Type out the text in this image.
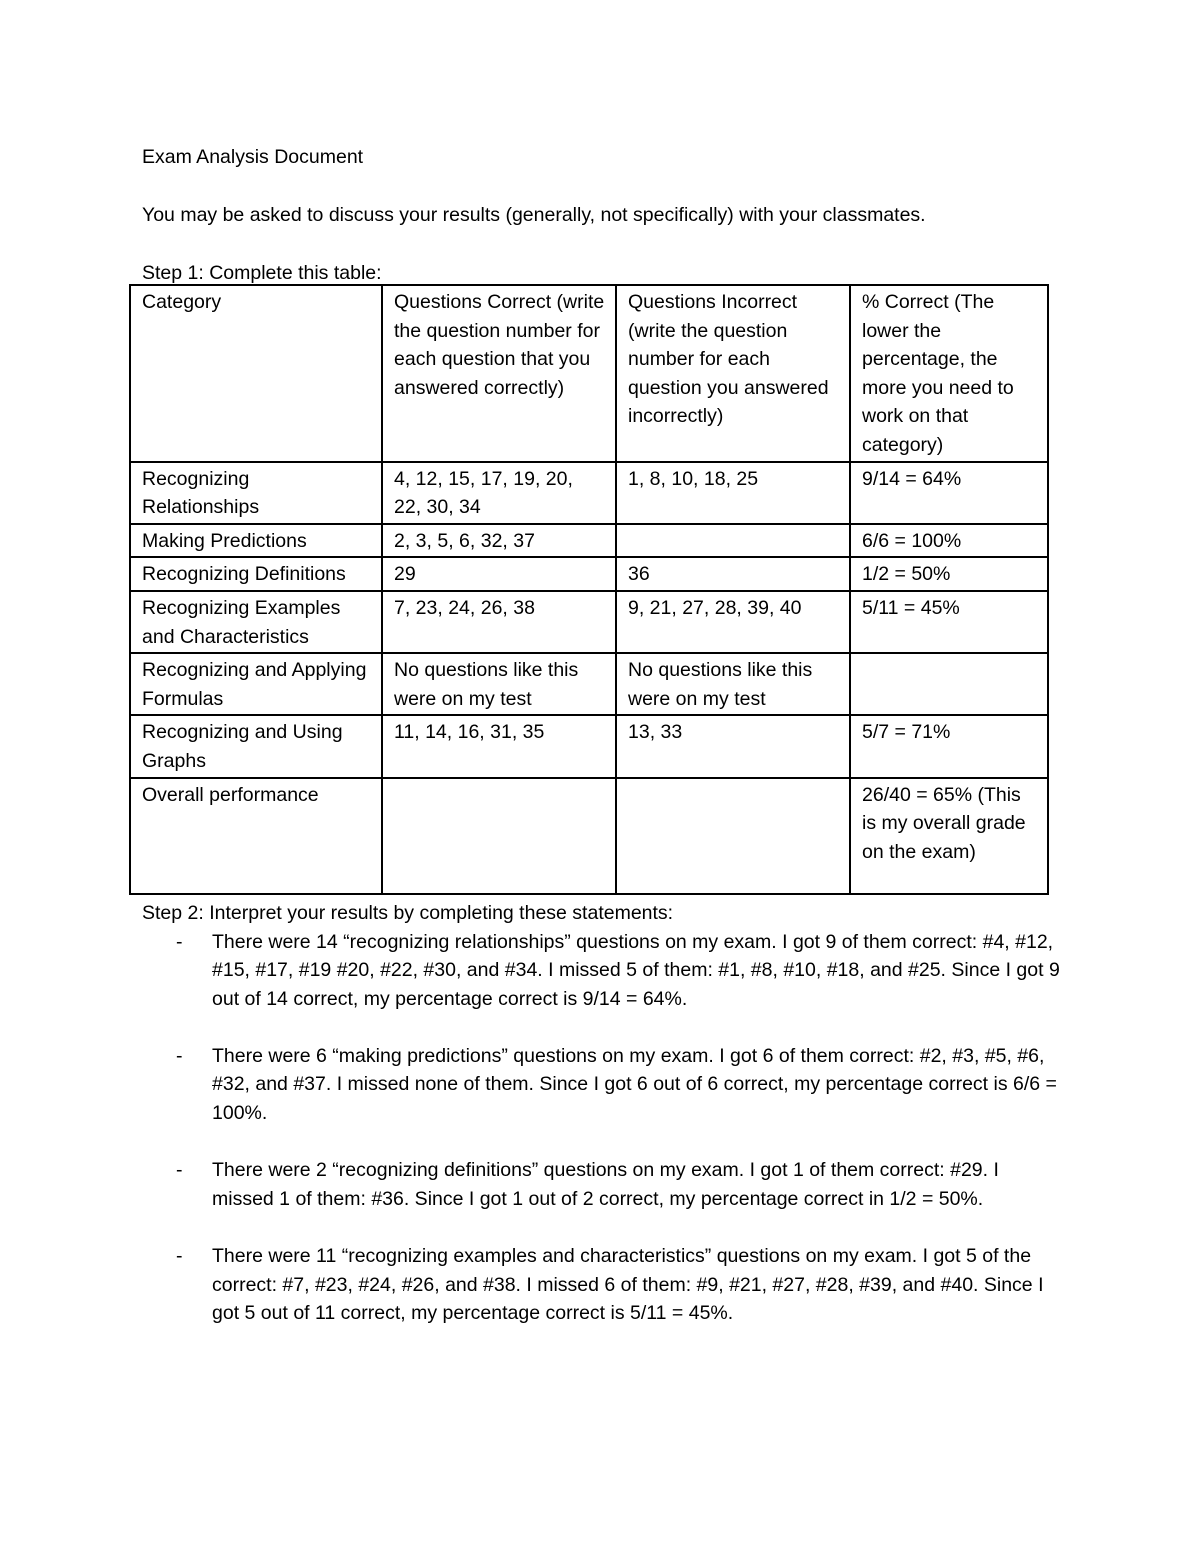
Exam Analysis Document
You may be asked to discuss your results (generally, not specifically) with your classmates.
Step 1: Complete this table:
Category	Questions Correct (write the question number for each question that you answered correctly)	Questions Incorrect (write the question number for each question you answered incorrectly)	% Correct (The lower the percentage, the more you need to work on that category)
Recognizing Relationships	4, 12, 15, 17, 19, 20, 22, 30, 34	1, 8, 10, 18, 25	9/14 = 64%
Making Predictions	2, 3, 5, 6, 32, 37		6/6 = 100%
Recognizing Definitions	29	36	1/2 = 50%
Recognizing Examples and Characteristics	7, 23, 24, 26, 38	9, 21, 27, 28, 39, 40	5/11 = 45%
Recognizing and Applying Formulas	No questions like this were on my test	No questions like this were on my test	
Recognizing and Using Graphs	11, 14, 16, 31, 35	13, 33	5/7 = 71%
Overall performance			26/40 = 65% (This is my overall grade on the exam)
Step 2: Interpret your results by completing these statements:
- There were 14 “recognizing relationships” questions on my exam. I got 9 of them correct: #4, #12, #15, #17, #19 #20, #22, #30, and #34. I missed 5 of them: #1, #8, #10, #18, and #25. Since I got 9 out of 14 correct, my percentage correct is 9/14 = 64%.
- There were 6 “making predictions” questions on my exam. I got 6 of them correct: #2, #3, #5, #6, #32, and #37. I missed none of them. Since I got 6 out of 6 correct, my percentage correct is 6/6 = 100%.
- There were 2 “recognizing definitions” questions on my exam. I got 1 of them correct: #29. I missed 1 of them: #36. Since I got 1 out of 2 correct, my percentage correct in 1/2 = 50%.
- There were 11 “recognizing examples and characteristics” questions on my exam. I got 5 of the correct: #7, #23, #24, #26, and #38. I missed 6 of them: #9, #21, #27, #28, #39, and #40. Since I got 5 out of 11 correct, my percentage correct is 5/11 = 45%.
